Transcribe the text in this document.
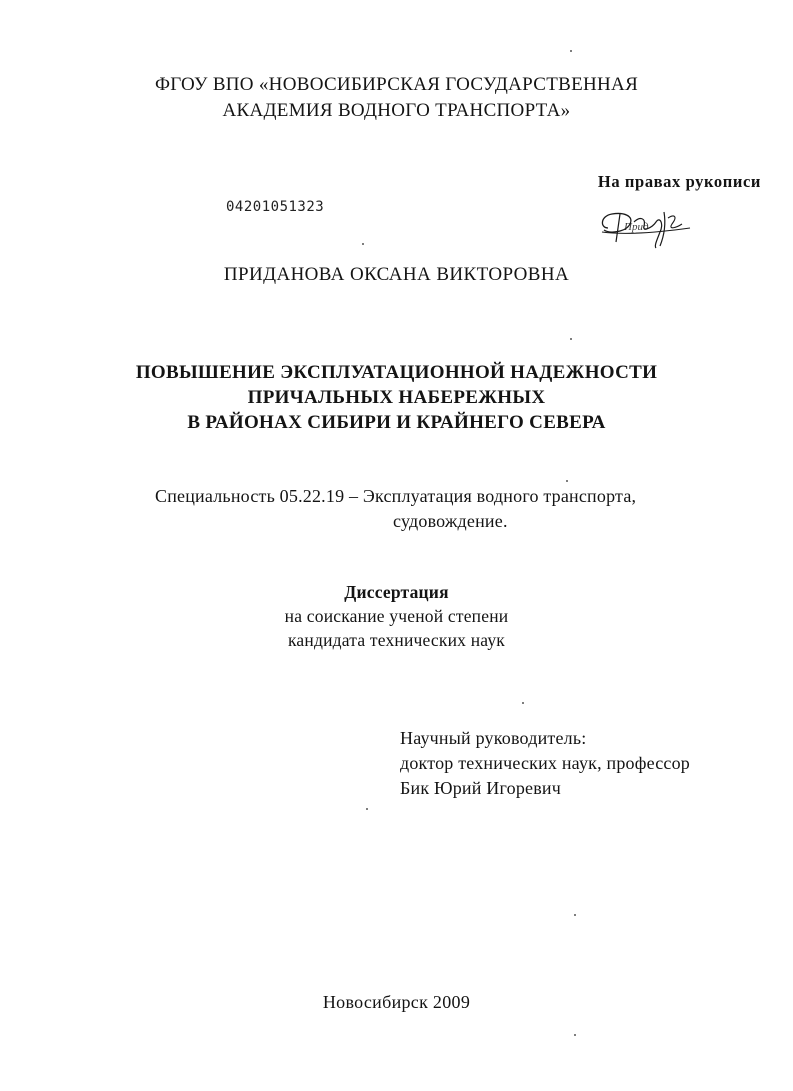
ФГОУ ВПО «НОВОСИБИРСКАЯ ГОСУДАРСТВЕННАЯ
АКАДЕМИЯ ВОДНОГО ТРАНСПОРТА»
На правах рукописи
04201051323
Прид
ПРИДАНОВА ОКСАНА ВИКТОРОВНА
ПОВЫШЕНИЕ ЭКСПЛУАТАЦИОННОЙ НАДЕЖНОСТИ
ПРИЧАЛЬНЫХ НАБЕРЕЖНЫХ
В РАЙОНАХ СИБИРИ И КРАЙНЕГО СЕВЕРА
Специальность 05.22.19 – Эксплуатация водного транспорта,
судовождение.
Диссертация
на соискание ученой степени
кандидата технических наук
Научный руководитель:
доктор технических наук, профессор
Бик Юрий Игоревич
Новосибирск 2009
